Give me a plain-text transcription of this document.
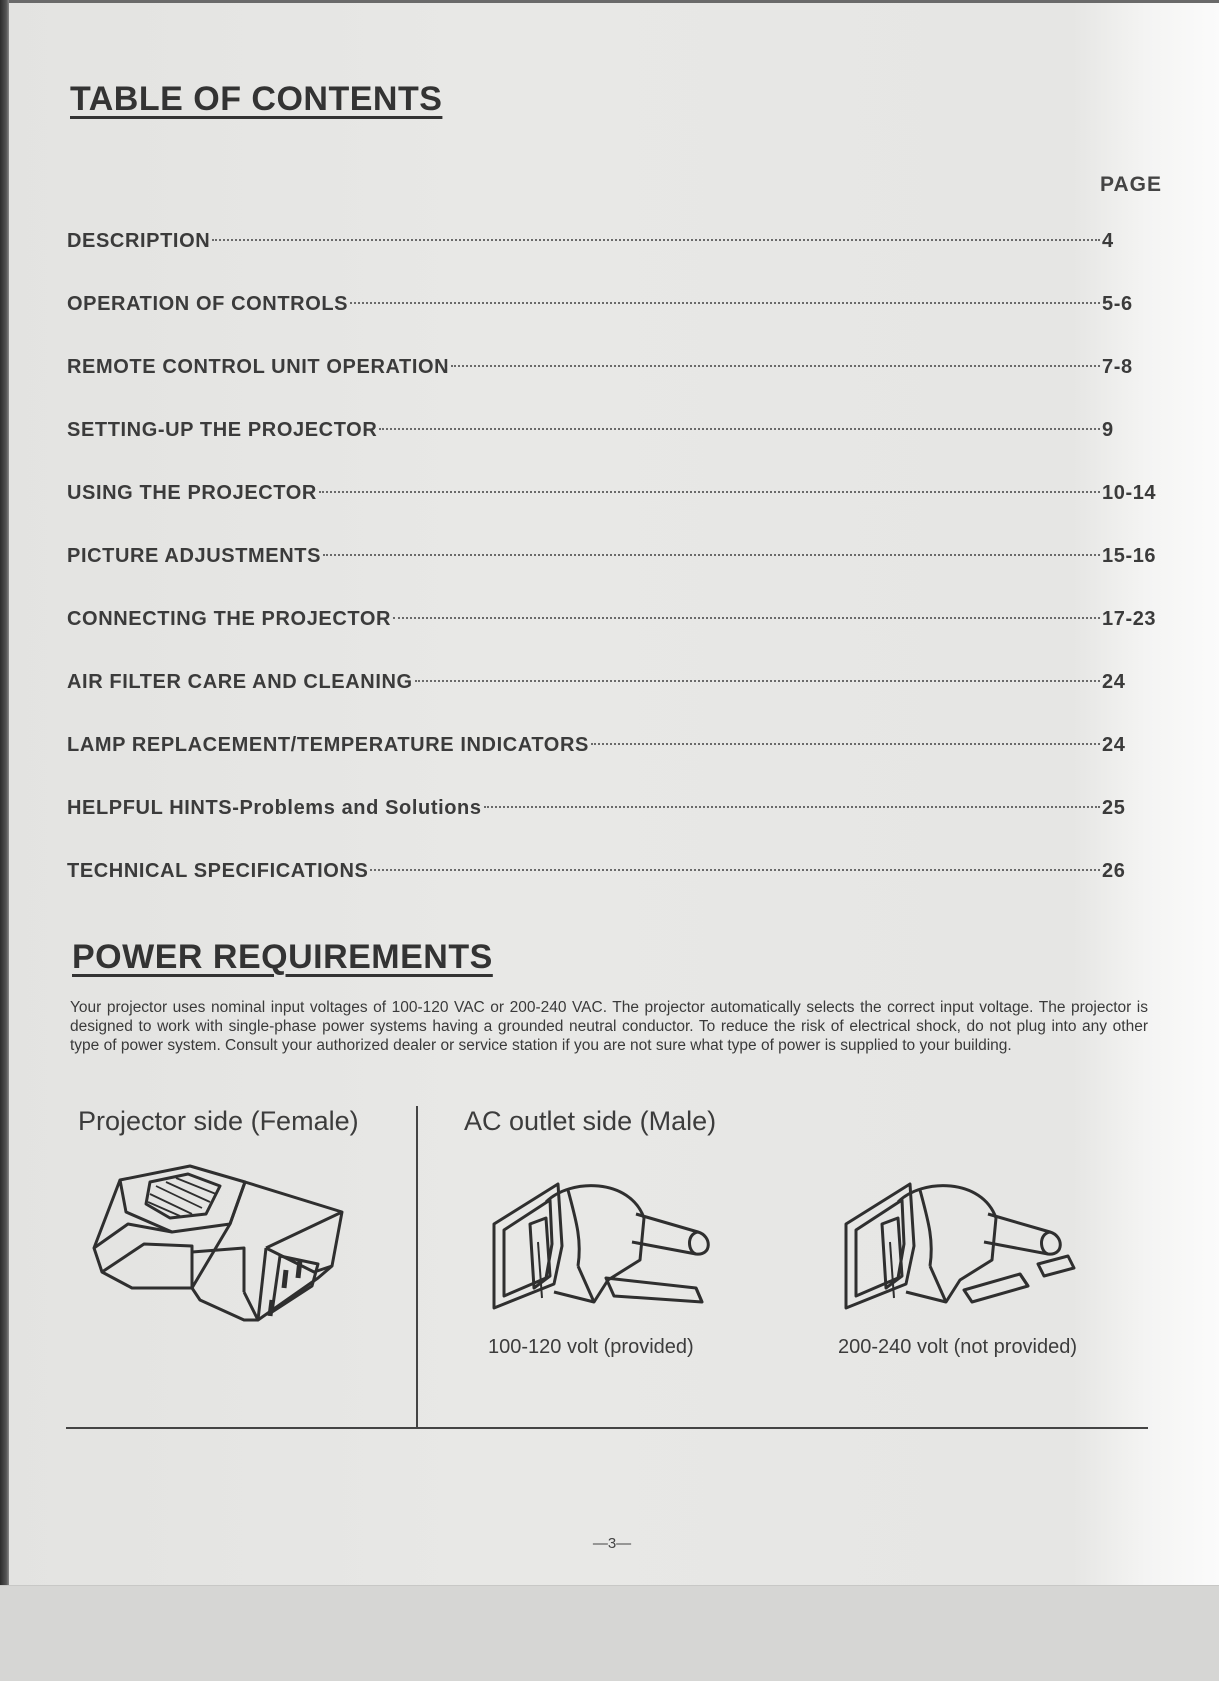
TABLE OF CONTENTS
PAGE
DESCRIPTION	4
OPERATION OF CONTROLS	5-6
REMOTE CONTROL UNIT OPERATION	7-8
SETTING-UP THE PROJECTOR	9
USING THE PROJECTOR	10-14
PICTURE ADJUSTMENTS	15-16
CONNECTING THE PROJECTOR	17-23
AIR FILTER CARE AND CLEANING	24
LAMP REPLACEMENT/TEMPERATURE INDICATORS	24
HELPFUL HINTS-Problems and Solutions	25
TECHNICAL SPECIFICATIONS	26
POWER REQUIREMENTS

Your projector uses nominal input voltages of 100-120 VAC or 200-240 VAC. The projector automatically selects the correct input voltage. The projector is designed to work with single-phase power systems having a grounded neutral conductor. To reduce the risk of electrical shock, do not plug into any other type of power system. Consult your authorized dealer or service station if you are not sure what type of power is supplied to your building.

Projector side (Female)	AC outlet side (Male)
100-120 volt (provided)	200-240 volt (not provided)
—3—
